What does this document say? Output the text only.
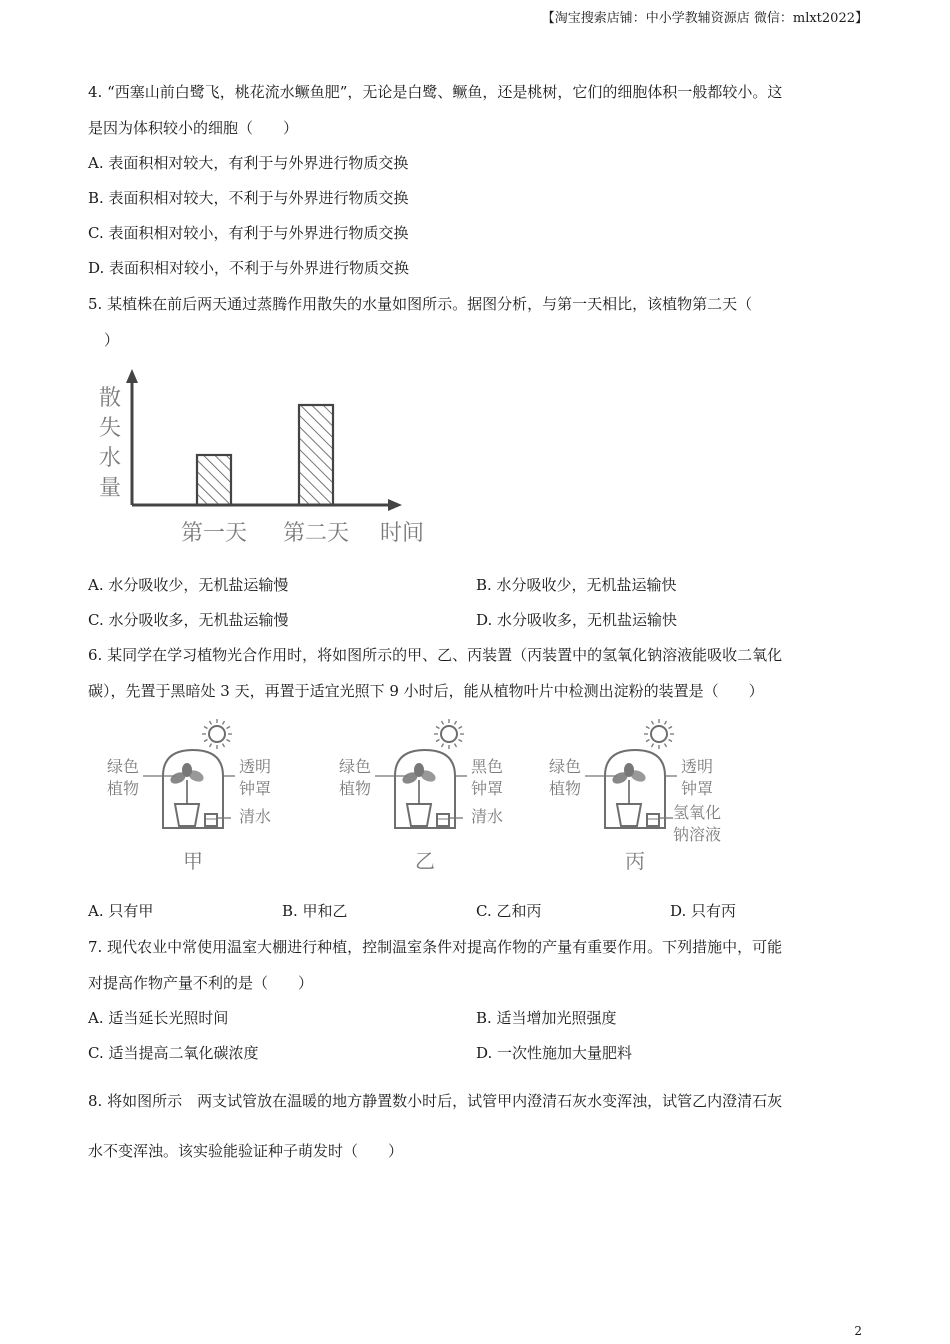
【淘宝搜索店铺：中小学教辅资源店 微信：mlxt2022】
4. “西塞山前白鹭飞，桃花流水鳜鱼肥”，无论是白鹭、鳜鱼，还是桃树，它们的细胞体积一般都较小。这
是因为体积较小的细胞（　　）
A. 表面积相对较大，有利于与外界进行物质交换
B. 表面积相对较大，不利于与外界进行物质交换
C. 表面积相对较小，有利于与外界进行物质交换
D. 表面积相对较小，不利于与外界进行物质交换
5. 某植株在前后两天通过蒸腾作用散失的水量如图所示。据图分析，与第一天相比，该植物第二天（
）
散
失
水
量
第一天 第二天 时间
A. 水分吸收少，无机盐运输慢	B. 水分吸收少，无机盐运输快
C. 水分吸收多，无机盐运输慢	D. 水分吸收多，无机盐运输快
6. 某同学在学习植物光合作用时，将如图所示的甲、乙、丙装置（丙装置中的氢氧化钠溶液能吸收二氧化
碳），先置于黑暗处 3 天，再置于适宜光照下 9 小时后，能从植物叶片中检测出淀粉的装置是（　　）
绿色
植物
透明
钟罩
清水
甲
绿色
植物
黑色
钟罩
清水
乙
绿色
植物
透明
钟罩
氢氧化
钠溶液
丙
A. 只有甲	B. 甲和乙	C. 乙和丙	D. 只有丙
7. 现代农业中常使用温室大棚进行种植，控制温室条件对提高作物的产量有重要作用。下列措施中，可能
对提高作物产量不利的是（　　）
A. 适当延长光照时间	B. 适当增加光照强度
C. 适当提高二氧化碳浓度	D. 一次性施加大量肥料
8. 将如图所示　两支试管放在温暖的地方静置数小时后，试管甲内澄清石灰水变浑浊，试管乙内澄清石灰
水不变浑浊。该实验能验证种子萌发时（　　）
2
